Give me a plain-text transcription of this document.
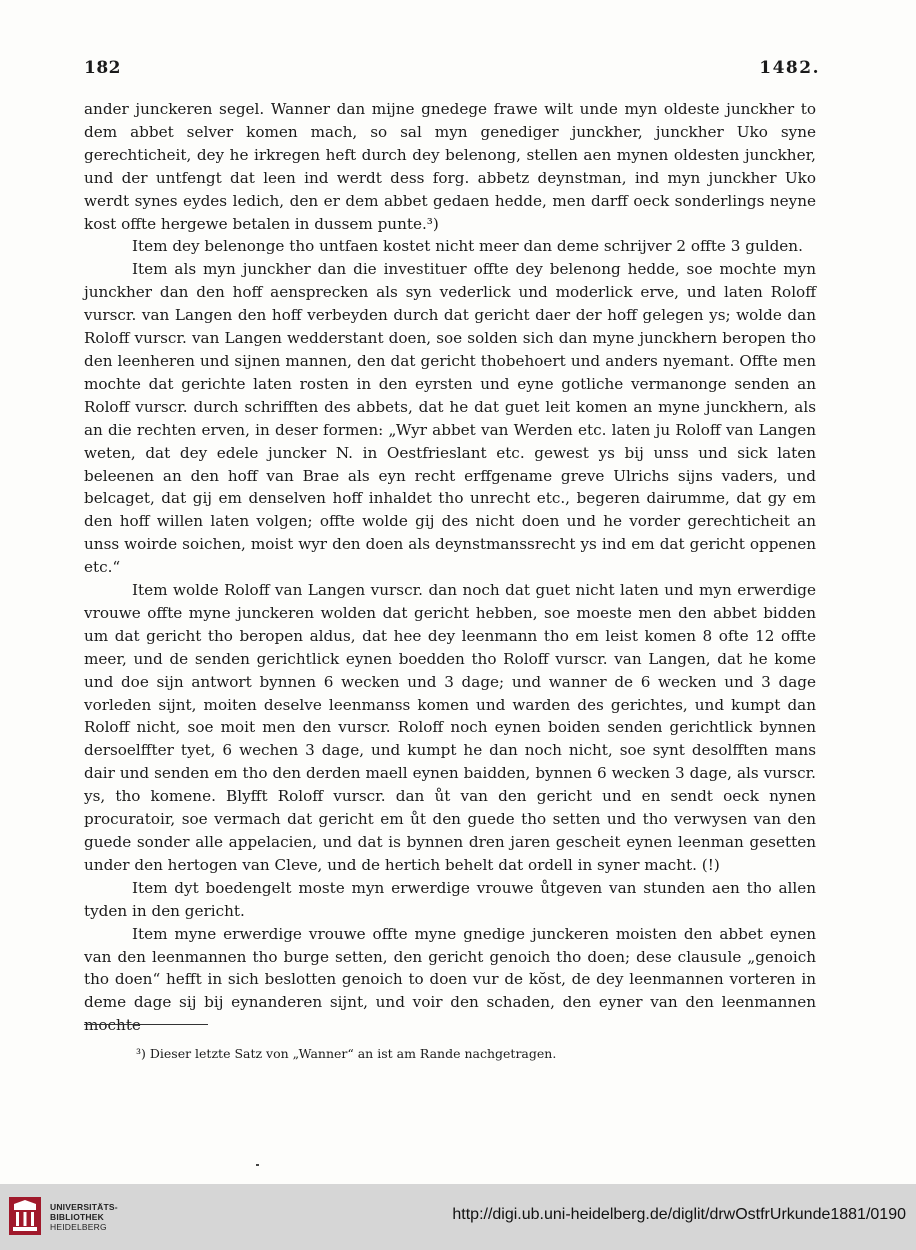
182	1482.

ander junckeren segel. Wanner dan mijne gnedege frawe wilt unde myn oldeste junckher to dem abbet selver komen mach, so sal myn genediger junckher, junckher Uko syne gerechticheit, dey he irkregen heft durch dey belenong, stellen aen mynen oldesten junckher, und der untfengt dat leen ind werdt dess forg. abbetz deynstman, ind myn junckher Uko werdt synes eydes ledich, den er dem abbet gedaen hedde, men darff oeck sonderlings neyne kost offte hergewe betalen in dussem punte.³)

Item dey belenonge tho untfaen kostet nicht meer dan deme schrijver 2 offte 3 gulden.

Item als myn junckher dan die investituer offte dey belenong hedde, soe mochte myn junckher dan den hoff aensprecken als syn vederlick und moderlick erve, und laten Roloff vurscr. van Langen den hoff verbeyden durch dat gericht daer der hoff gelegen ys; wolde dan Roloff vurscr. van Langen wedderstant doen, soe solden sich dan myne junckhern beropen tho den leenheren und sijnen mannen, den dat gericht thobehoert und anders nyemant. Offte men mochte dat gerichte laten rosten in den eyrsten und eyne gotliche vermanonge senden an Roloff vurscr. durch schrifften des abbets, dat he dat guet leit komen an myne junckhern, als an die rechten erven, in deser formen: „Wyr abbet van Werden etc. laten ju Roloff van Langen weten, dat dey edele juncker N. in Oestfrieslant etc. gewest ys bij unss und sick laten beleenen an den hoff van Brae als eyn recht erffgename greve Ulrichs sijns vaders, und belcaget, dat gij em denselven hoff inhaldet tho unrecht etc., begeren dairumme, dat gy em den hoff willen laten volgen; offte wolde gij des nicht doen und he vorder gerechticheit an unss woirde soichen, moist wyr den doen als deynstmanssrecht ys ind em dat gericht oppenen etc.“

Item wolde Roloff van Langen vurscr. dan noch dat guet nicht laten und myn erwerdige vrouwe offte myne junckeren wolden dat gericht hebben, soe moeste men den abbet bidden um dat gericht tho beropen aldus, dat hee dey leenmann tho em leist komen 8 ofte 12 offte meer, und de senden gerichtlick eynen boedden tho Roloff vurscr. van Langen, dat he kome und doe sijn antwort bynnen 6 wecken und 3 dage; und wanner de 6 wecken und 3 dage vorleden sijnt, moiten deselve leenmanss komen und warden des gerichtes, und kumpt dan Roloff nicht, soe moit men den vurscr. Roloff noch eynen boiden senden gerichtlick bynnen dersoelffter tyet, 6 wechen 3 dage, und kumpt he dan noch nicht, soe synt desolfften mans dair und senden em tho den derden maell eynen baidden, bynnen 6 wecken 3 dage, als vurscr. ys, tho komene. Blyfft Roloff vurscr. dan ůt van den gericht und en sendt oeck nynen procuratoir, soe vermach dat gericht em ůt den guede tho setten und tho verwysen van den guede sonder alle appelacien, und dat is bynnen dren jaren gescheit eynen leenman gesetten under den hertogen van Cleve, und de hertich behelt dat ordell in syner macht. (!)

Item dyt boedengelt moste myn erwerdige vrouwe ůtgeven van stunden aen tho allen tyden in den gericht.

Item myne erwerdige vrouwe offte myne gnedige junckeren moisten den abbet eynen van den leenmannen tho burge setten, den gericht genoich tho doen; dese clausule „genoich tho doen“ hefft in sich beslotten genoich to doen vur de kŏst, de dey leenmannen vorteren in deme dage sij bij eynanderen sijnt, und voir den schaden, den eyner van den leenmannen mochte

³) Dieser letzte Satz von „Wanner“ an ist am Rande nachgetragen.
UNIVERSITÄTS-
BIBLIOTHEK
HEIDELBERG
http://digi.ub.uni-heidelberg.de/diglit/drwOstfrUrkunde1881/0190
